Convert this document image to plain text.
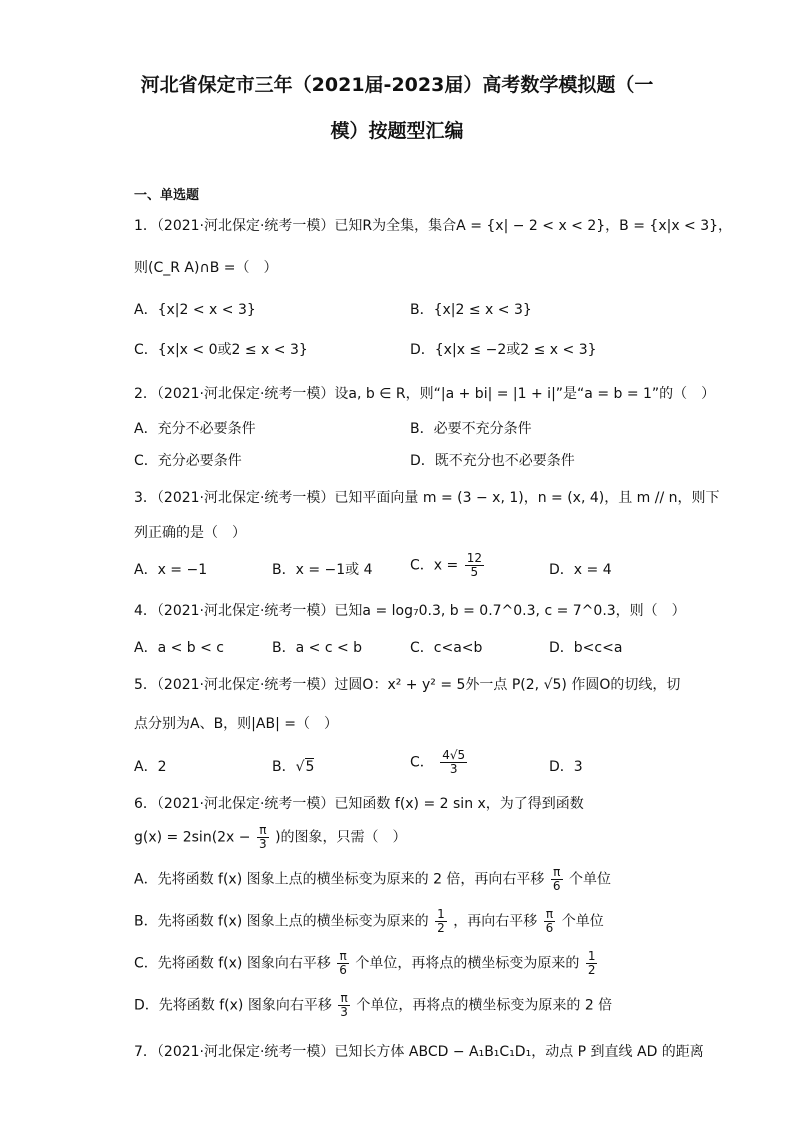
河北省保定市三年（2021届-2023届）高考数学模拟题（一
模）按题型汇编
一、单选题
1．（2021·河北保定·统考一模）已知R为全集，集合A = {x| − 2 < x < 2}，B = {x|x < 3}，
则(C_R A)∩B =（　）
A．{x|2 < x < 3}	B．{x|2 ≤ x < 3}
C．{x|x < 0或2 ≤ x < 3}	D．{x|x ≤ −2或2 ≤ x < 3}
2．（2021·河北保定·统考一模）设a, b ∈ R，则“|a + bi| = |1 + i|”是“a = b = 1”的（　）
A．充分不必要条件	B．必要不充分条件
C．充分必要条件	D．既不充分也不必要条件
3．（2021·河北保定·统考一模）已知平面向量 m = (3 − x, 1)，n = (x, 4)，且 m // n，则下
列正确的是（　）
A．x = −1	B．x = −1或 4	C．$x = \frac{12}{5}$	D．x = 4
4．（2021·河北保定·统考一模）已知a = log₇0.3, b = 0.7^0.3, c = 7^0.3，则（　）
A．a < b < c	B．a < c < b	C．c<a<b	D．b<c<a
5．（2021·河北保定·统考一模）过圆O：x² + y² = 5外一点 P(2, √5) 作圆O的切线，切
点分别为A、B，则|AB| =（　）
A．2	B．√5	C． $\frac{4√5}{3}$	D．3
6．（2021·河北保定·统考一模）已知函数 f(x) = 2 sin x，为了得到函数
$g(x) = 2\sin(2x - \frac{\pi}{3}$ )的图象，只需（　）
A．先将函数 f(x) 图象上点的横坐标变为原来的 2 倍，再向右平移 $\frac{\pi}{6}$ 个单位
B．先将函数 f(x) 图象上点的横坐标变为原来的 $\frac{1}{2}$ ，再向右平移 $\frac{\pi}{6}$ 个单位
C．先将函数 f(x) 图象向右平移 $\frac{\pi}{6}$ 个单位，再将点的横坐标变为原来的 $\frac{1}{2}$
D．先将函数 f(x) 图象向右平移 $\frac{\pi}{3}$ 个单位，再将点的横坐标变为原来的 2 倍
7．（2021·河北保定·统考一模）已知长方体 ABCD − A₁B₁C₁D₁，动点 P 到直线 AD 的距离
